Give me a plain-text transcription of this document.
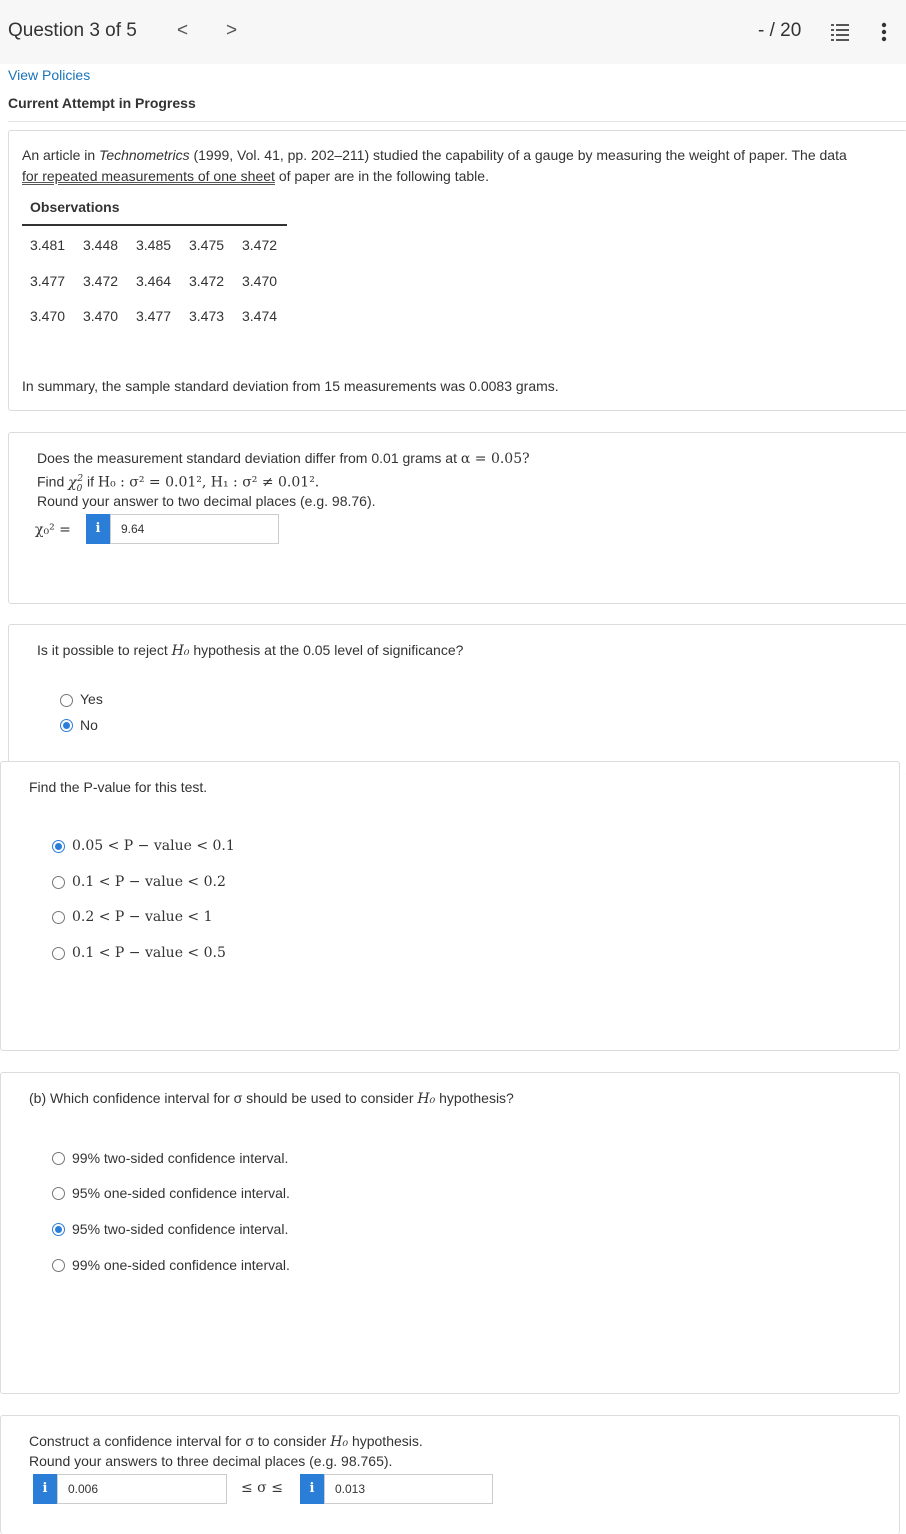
Question 3 of 5 < >	- / 20
View Policies
Current Attempt in Progress
An article in Technometrics (1999, Vol. 41, pp. 202–211) studied the capability of a gauge by measuring the weight of paper. The data
for repeated measurements of one sheet of paper are in the following table.
Observations
3.481 3.448 3.485 3.475 3.472
3.477 3.472 3.464 3.472 3.470
3.470 3.470 3.477 3.473 3.474
In summary, the sample standard deviation from 15 measurements was 0.0083 grams.
Does the measurement standard deviation differ from 0.01 grams at α = 0.05?
Find $\chi_0^2$ if H₀ : σ² = 0.01², H₁ : σ² ≠ 0.01².
Round your answer to two decimal places (e.g. 98.76).
χ₀² =	i	9.64
Is it possible to reject H₀ hypothesis at the 0.05 level of significance?
Yes
No
Find the P-value for this test.
0.05 < P − value < 0.1
0.1 < P − value < 0.2
0.2 < P − value < 1
0.1 < P − value < 0.5
(b) Which confidence interval for σ should be used to consider H₀ hypothesis?
99% two-sided confidence interval.
95% one-sided confidence interval.
95% two-sided confidence interval.
99% one-sided confidence interval.
Construct a confidence interval for σ to consider H₀ hypothesis.
Round your answers to three decimal places (e.g. 98.765).
i	0.006	≤ σ ≤	i	0.013
